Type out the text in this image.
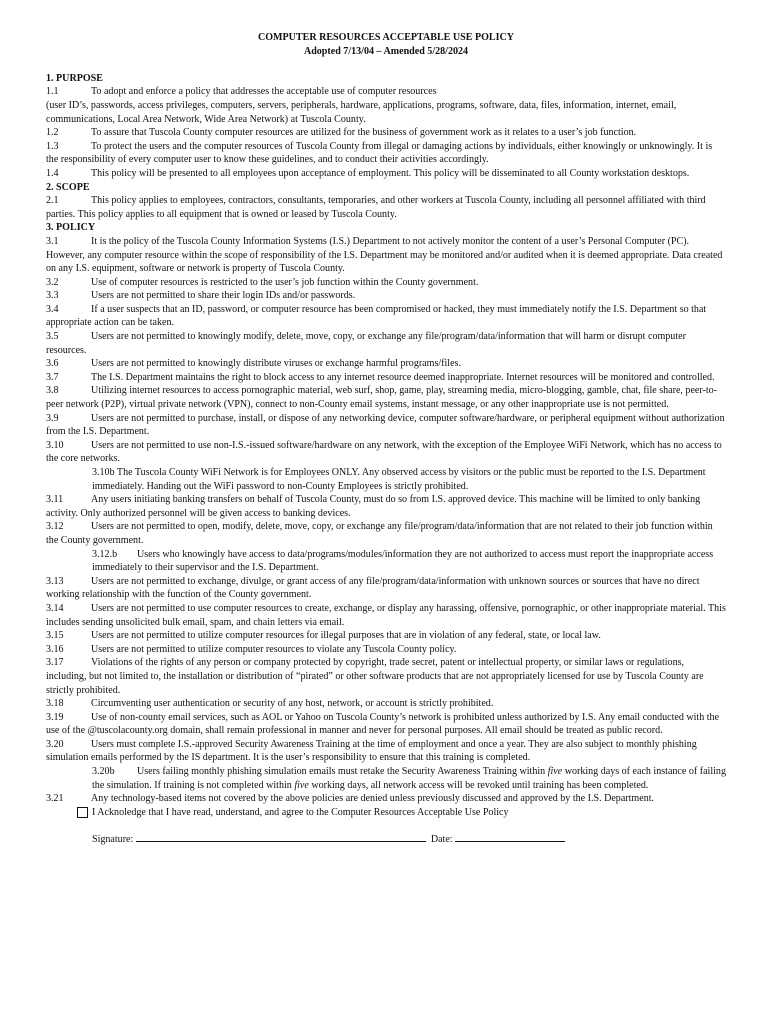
COMPUTER RESOURCES ACCEPTABLE USE POLICY
Adopted 7/13/04 – Amended 5/28/2024
1. PURPOSE
1.1	To adopt and enforce a policy that addresses the acceptable use of computer resources
(user ID’s, passwords, access privileges, computers, servers, peripherals, hardware, applications, programs, software, data, files, information, internet, email, communications, Local Area Network, Wide Area Network) at Tuscola County.
1.2	To assure that Tuscola County computer resources are utilized for the business of government work as it relates to a user’s job function.
1.3	To protect the users and the computer resources of Tuscola County from illegal or damaging actions by individuals, either knowingly or unknowingly. It is the responsibility of every computer user to know these guidelines, and to conduct their activities accordingly.
1.4	This policy will be presented to all employees upon acceptance of employment. This policy will be disseminated to all County workstation desktops.
2. SCOPE
2.1	This policy applies to employees, contractors, consultants, temporaries, and other workers at Tuscola County, including all personnel affiliated with third parties. This policy applies to all equipment that is owned or leased by Tuscola County.
3. POLICY
3.1	It is the policy of the Tuscola County Information Systems (I.S.) Department to not actively monitor the content of a user’s Personal Computer (PC). However, any computer resource within the scope of responsibility of the I.S. Department may be monitored and/or audited when it is deemed appropriate. Data created on any I.S. equipment, software or network is property of Tuscola County.
3.2	Use of computer resources is restricted to the user’s job function within the County government.
3.3	Users are not permitted to share their login IDs and/or passwords.
3.4	If a user suspects that an ID, password, or computer resource has been compromised or hacked, they must immediately notify the I.S. Department so that appropriate action can be taken.
3.5	Users are not permitted to knowingly modify, delete, move, copy, or exchange any file/program/data/information that will harm or disrupt computer resources.
3.6	Users are not permitted to knowingly distribute viruses or exchange harmful programs/files.
3.7	The I.S. Department maintains the right to block access to any internet resource deemed inappropriate. Internet resources will be monitored and controlled.
3.8	Utilizing internet resources to access pornographic material, web surf, shop, game, play, streaming media, micro-blogging, gamble, chat, file share, peer-to-peer network (P2P), virtual private network (VPN), connect to non-County email systems, instant message, or any other inappropriate use is not permitted.
3.9	Users are not permitted to purchase, install, or dispose of any networking device, computer software/hardware, or peripheral equipment without authorization from the I.S. Department.
3.10	Users are not permitted to use non-I.S.-issued software/hardware on any network, with the exception of the Employee WiFi Network, which has no access to the core networks.
3.10b The Tuscola County WiFi Network is for Employees ONLY. Any observed access by visitors or the public must be reported to the I.S. Department immediately. Handing out the WiFi password to non-County Employees is strictly prohibited.
3.11	Any users initiating banking transfers on behalf of Tuscola County, must do so from I.S. approved device. This machine will be limited to only banking activity. Only authorized personnel will be given access to banking devices.
3.12	Users are not permitted to open, modify, delete, move, copy, or exchange any file/program/data/information that are not related to their job function within the County government.
3.12.b Users who knowingly have access to data/programs/modules/information they are not authorized to access must report the inappropriate access immediately to their supervisor and the I.S. Department.
3.13	Users are not permitted to exchange, divulge, or grant access of any file/program/data/information with unknown sources or sources that have no direct working relationship with the function of the County government.
3.14	Users are not permitted to use computer resources to create, exchange, or display any harassing, offensive, pornographic, or other inappropriate material. This includes sending unsolicited bulk email, spam, and chain letters via email.
3.15	Users are not permitted to utilize computer resources for illegal purposes that are in violation of any federal, state, or local law.
3.16	Users are not permitted to utilize computer resources to violate any Tuscola County policy.
3.17	Violations of the rights of any person or company protected by copyright, trade secret, patent or intellectual property, or similar laws or regulations, including, but not limited to, the installation or distribution of “pirated” or other software products that are not appropriately licensed for use by Tuscola County are strictly prohibited.
3.18	Circumventing user authentication or security of any host, network, or account is strictly prohibited.
3.19	Use of non-county email services, such as AOL or Yahoo on Tuscola County’s network is prohibited unless authorized by I.S. Any email conducted with the use of the @tuscolacounty.org domain, shall remain professional in manner and never for personal purposes. All email should be treated as public record.
3.20	Users must complete I.S.-approved Security Awareness Training at the time of employment and once a year. They are also subject to monthly phishing simulation emails performed by the IS department. It is the user’s responsibility to ensure that this training is completed.
3.20b Users failing monthly phishing simulation emails must retake the Security Awareness Training within five working days of each instance of failing the simulation. If training is not completed within five working days, all network access will be revoked until training has been completed.
3.21	Any technology-based items not covered by the above policies are denied unless previously discussed and approved by the I.S. Department.
I Acknoledge that I have read, understand, and agree to the Computer Resources Acceptable Use Policy
Signature:	Date:
